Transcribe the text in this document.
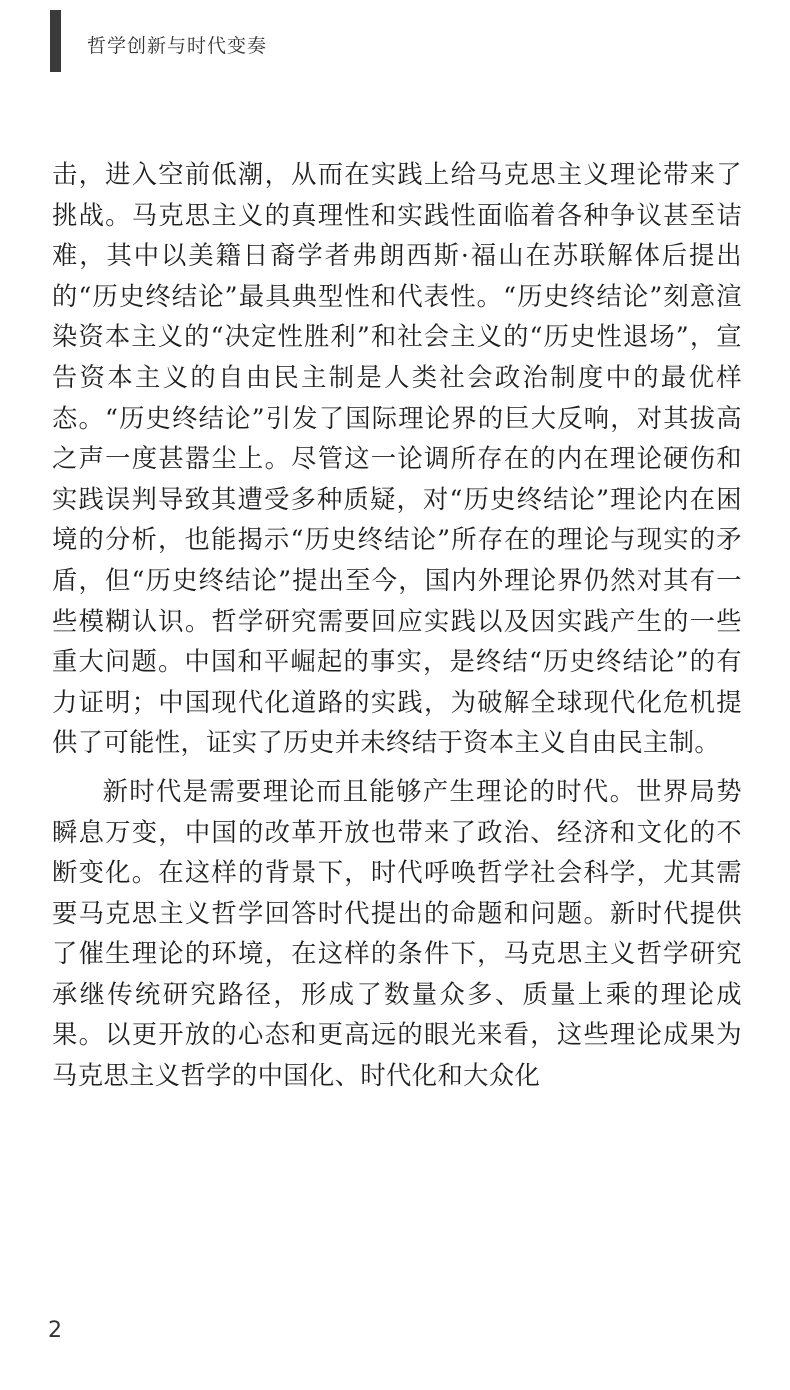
哲学创新与时代变奏

击，进入空前低潮，从而在实践上给马克思主义理论带来了挑战。马克思主义的真理性和实践性面临着各种争议甚至诘难，其中以美籍日裔学者弗朗西斯·福山在苏联解体后提出的“历史终结论”最具典型性和代表性。“历史终结论”刻意渲染资本主义的“决定性胜利”和社会主义的“历史性退场”，宣告资本主义的自由民主制是人类社会政治制度中的最优样态。“历史终结论”引发了国际理论界的巨大反响，对其拔高之声一度甚嚣尘上。尽管这一论调所存在的内在理论硬伤和实践误判导致其遭受多种质疑，对“历史终结论”理论内在困境的分析，也能揭示“历史终结论”所存在的理论与现实的矛盾，但“历史终结论”提出至今，国内外理论界仍然对其有一些模糊认识。哲学研究需要回应实践以及因实践产生的一些重大问题。中国和平崛起的事实，是终结“历史终结论”的有力证明；中国现代化道路的实践，为破解全球现代化危机提供了可能性，证实了历史并未终结于资本主义自由民主制。

新时代是需要理论而且能够产生理论的时代。世界局势瞬息万变，中国的改革开放也带来了政治、经济和文化的不断变化。在这样的背景下，时代呼唤哲学社会科学，尤其需要马克思主义哲学回答时代提出的命题和问题。新时代提供了催生理论的环境，在这样的条件下，马克思主义哲学研究承继传统研究路径，形成了数量众多、质量上乘的理论成果。以更开放的心态和更高远的眼光来看，这些理论成果为马克思主义哲学的中国化、时代化和大众化

2
